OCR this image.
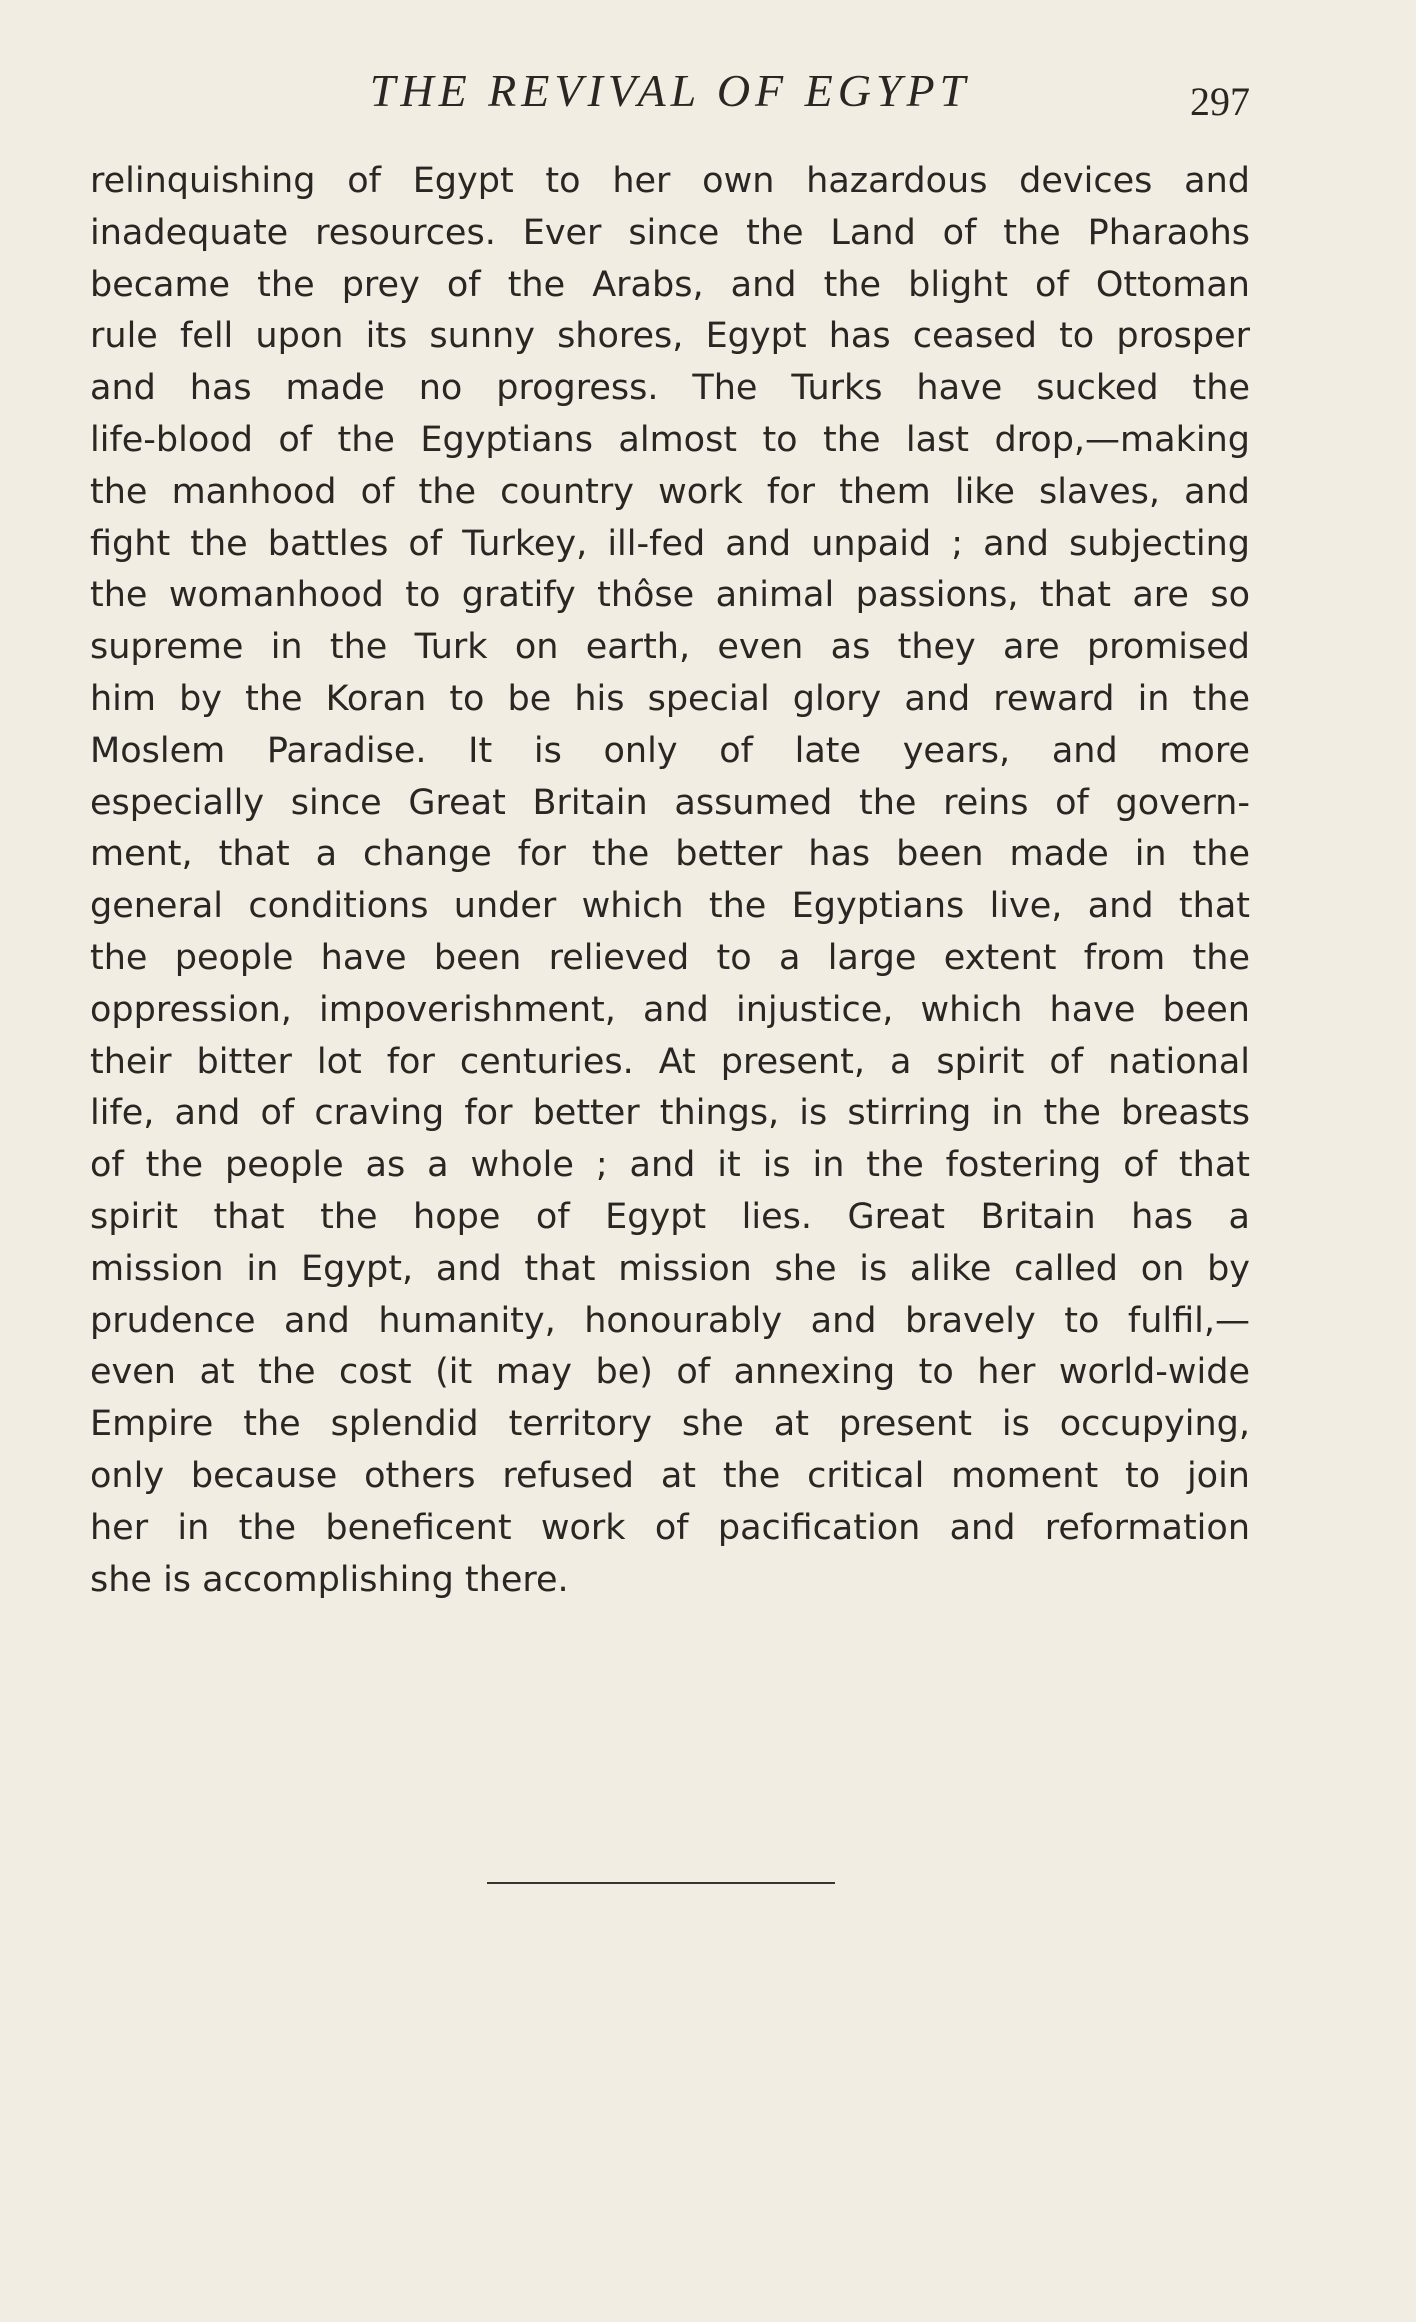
THE REVIVAL OF EGYPT	297
relinquishing of Egypt to her own hazardous devices and
inadequate resources. Ever since the Land of the Pharaohs
became the prey of the Arabs, and the blight of Ottoman
rule fell upon its sunny shores, Egypt has ceased to prosper
and has made no progress. The Turks have sucked the
life-blood of the Egyptians almost to the last drop,—making
the manhood of the country work for them like slaves, and
fight the battles of Turkey, ill-fed and unpaid ; and subjecting
the womanhood to gratify thôse animal passions, that are so
supreme in the Turk on earth, even as they are promised
him by the Koran to be his special glory and reward in the
Moslem Paradise. It is only of late years, and more
especially since Great Britain assumed the reins of govern-
ment, that a change for the better has been made in the
general conditions under which the Egyptians live, and that
the people have been relieved to a large extent from the
oppression, impoverishment, and injustice, which have been
their bitter lot for centuries. At present, a spirit of national
life, and of craving for better things, is stirring in the breasts
of the people as a whole ; and it is in the fostering of that
spirit that the hope of Egypt lies. Great Britain has a
mission in Egypt, and that mission she is alike called on by
prudence and humanity, honourably and bravely to fulfil,—
even at the cost (it may be) of annexing to her world-wide
Empire the splendid territory she at present is occupying,
only because others refused at the critical moment to join
her in the beneficent work of pacification and reformation
she is accomplishing there.
